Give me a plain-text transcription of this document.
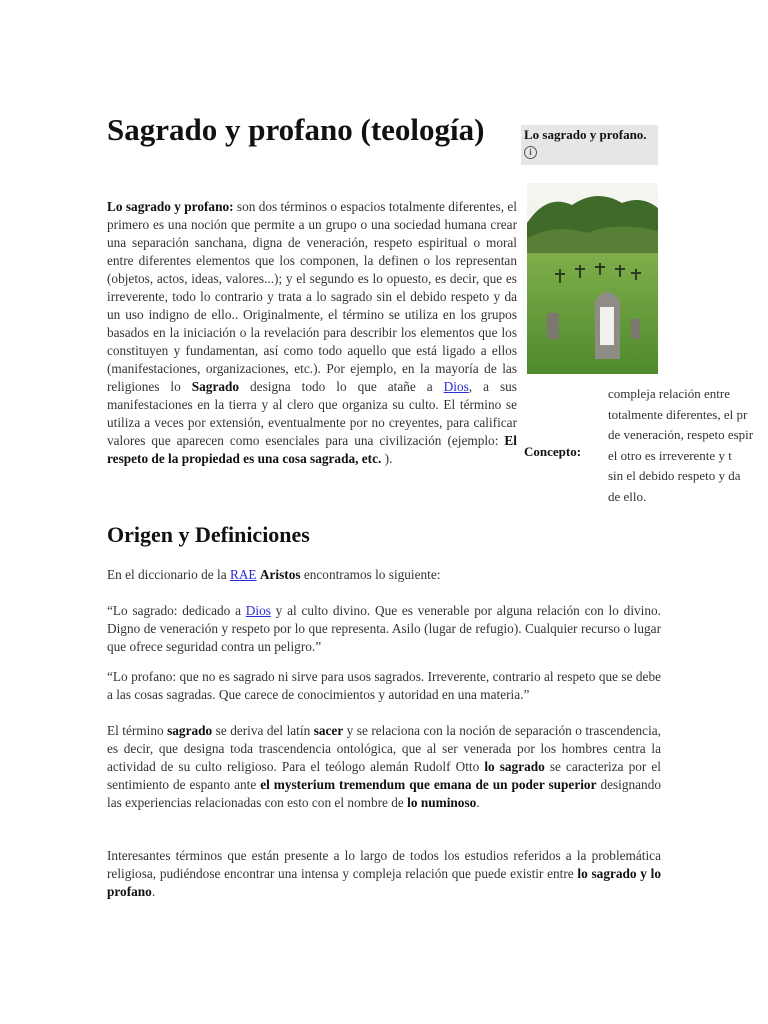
Sagrado y profano (teología)	Lo sagrado y profano.
i
compleja relación entre
totalmente diferentes, el pr
de veneración, respeto espir
el otro es irreverente y t
sin el debido respeto y da
de ello.
Concepto:
Lo sagrado y profano: son dos términos o espacios totalmente diferentes, el primero es una noción que permite a un grupo o una sociedad humana crear una separación sanchana, digna de veneración, respeto espiritual o moral entre diferentes elementos que los componen, la definen o los representan (objetos, actos, ideas, valores...); y el segundo es lo opuesto, es decir, que es irreverente, todo lo contrario y trata a lo sagrado sin el debido respeto y da un uso indigno de ello.. Originalmente, el término se utiliza en los grupos basados en la iniciación o la revelación para describir los elementos que los constituyen y fundamentan, así como todo aquello que está ligado a ellos (manifestaciones, organizaciones, etc.). Por ejemplo, en la mayoría de las religiones lo Sagrado designa todo lo que atañe a Dios, a sus manifestaciones en la tierra y al clero que organiza su culto. El término se utiliza a veces por extensión, eventualmente por no creyentes, para calificar valores que aparecen como esenciales para una civilización (ejemplo: El respeto de la propiedad es una cosa sagrada, etc. ).
Origen y Definiciones

En el diccionario de la RAE Aristos encontramos lo siguiente:

“Lo sagrado: dedicado a Dios y al culto divino. Que es venerable por alguna relación con lo divino. Digno de veneración y respeto por lo que representa. Asilo (lugar de refugio). Cualquier recurso o lugar que ofrece seguridad contra un peligro.”

“Lo profano: que no es sagrado ni sirve para usos sagrados. Irreverente, contrario al respeto que se debe a las cosas sagradas. Que carece de conocimientos y autoridad en una materia.”

El término sagrado se deriva del latín sacer y se relaciona con la noción de separación o trascendencia, es decir, que designa toda trascendencia ontológica, que al ser venerada por los hombres centra la actividad de su culto religioso. Para el teólogo alemán Rudolf Otto lo sagrado se caracteriza por el sentimiento de espanto ante el mysterium tremendum que emana de un poder superior designando las experiencias relacionadas con esto con el nombre de lo numinoso.

Interesantes términos que están presente a lo largo de todos los estudios referidos a la problemática religiosa, pudiéndose encontrar una intensa y compleja relación que puede existir entre lo sagrado y lo profano.
